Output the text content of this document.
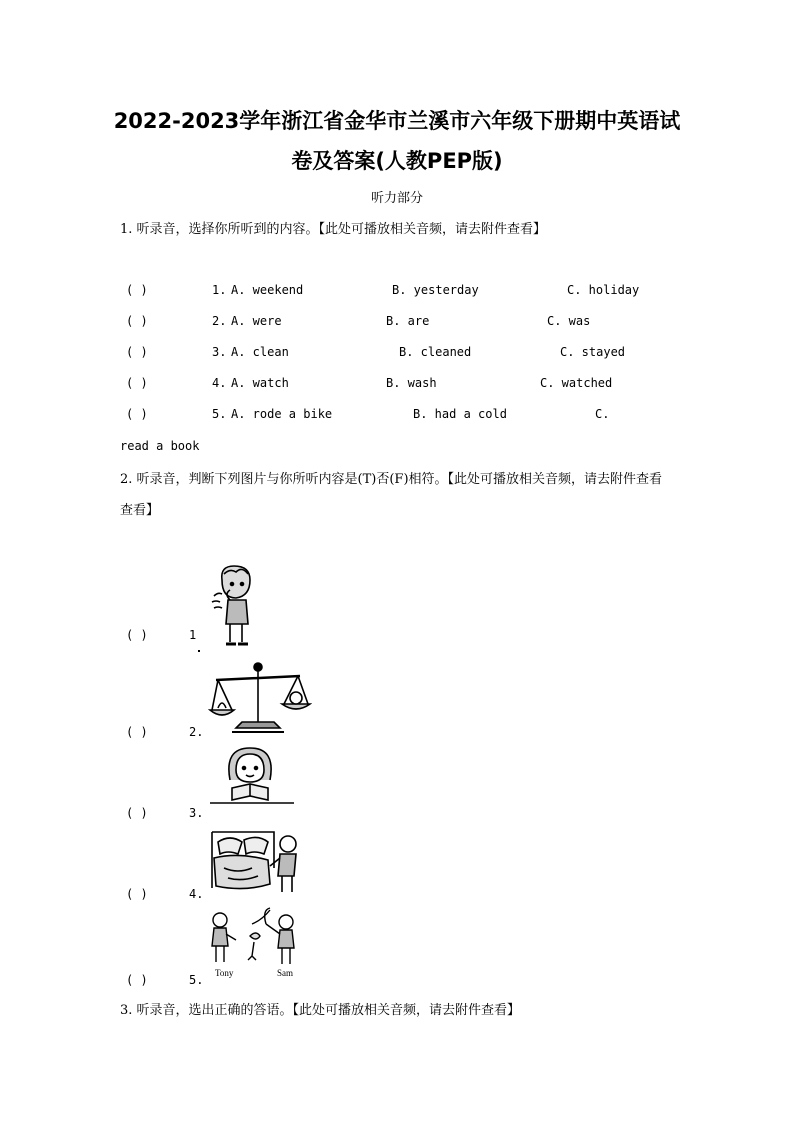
2022-2023学年浙江省金华市兰溪市六年级下册期中英语试
卷及答案(人教PEP版)
听力部分
1. 听录音，选择你所听到的内容。【此处可播放相关音频，请去附件查看】
( )	1. A. weekend	B. yesterday	C. holiday
( )	2. A. were	B. are	C. was
( )	3. A. clean	B. cleaned	C. stayed
( )	4. A. watch	B. wash	C. watched
( )	5. A. rode a bike	B. had a cold	C.
read a book
2. 听录音，判断下列图片与你所听内容是(T)否(F)相符。【此处可播放相关音频，请去附件查看
查看】
( )	1
( )	2.
( )	3.
( )	4.
( )	5. Tony	Sam
3. 听录音，选出正确的答语。【此处可播放相关音频，请去附件查看】
